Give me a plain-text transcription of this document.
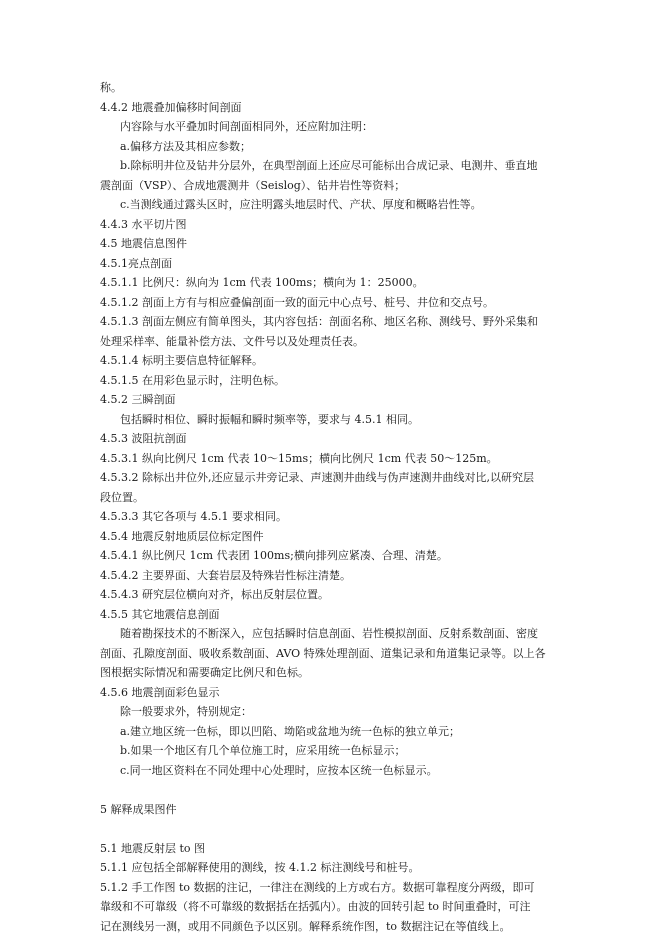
称。
4.4.2 地震叠加偏移时间剖面
内容除与水平叠加时间剖面相同外，还应附加注明：
a.偏移方法及其相应参数；
b.除标明井位及钻井分层外，在典型剖面上还应尽可能标出合成记录、电测井、垂直地
震剖面（VSP）、合成地震测井（Seislog）、钻井岩性等资料；
c.当测线通过露头区时，应注明露头地层时代、产状、厚度和概略岩性等。
4.4.3 水平切片图
4.5 地震信息图件
4.5.1亮点剖面
4.5.1.1 比例尺：纵向为 1cm 代表 100ms；横向为 1：25000。
4.5.1.2 剖面上方有与相应叠偏剖面一致的面元中心点号、桩号、井位和交点号。
4.5.1.3 剖面左侧应有简单图头，其内容包括：剖面名称、地区名称、测线号、野外采集和
处理采样率、能量补偿方法、文件号以及处理责任表。
4.5.1.4 标明主要信息特征解释。
4.5.1.5 在用彩色显示时，注明色标。
4.5.2 三瞬剖面
包括瞬时相位、瞬时振幅和瞬时频率等，要求与 4.5.1 相同。
4.5.3 波阻抗剖面
4.5.3.1 纵向比例尺 1cm 代表 10～15ms；横向比例尺 1cm 代表 50～125m。
4.5.3.2 除标出井位外,还应显示井旁记录、声速测井曲线与伪声速测井曲线对比,以研究层
段位置。
4.5.3.3 其它各项与 4.5.1 要求相同。
4.5.4 地震反射地质层位标定图件
4.5.4.1 纵比例尺 1cm 代表团 100ms;横向排列应紧凑、合理、清楚。
4.5.4.2 主要界面、大套岩层及特殊岩性标注清楚。
4.5.4.3 研究层位横向对齐，标出反射层位置。
4.5.5 其它地震信息剖面
随着勘探技术的不断深入，应包括瞬时信息剖面、岩性模拟剖面、反射系数剖面、密度
剖面、孔隙度剖面、吸收系数剖面、AVO 特殊处理剖面、道集记录和角道集记录等。以上各
图根据实际情况和需要确定比例尺和色标。
4.5.6 地震剖面彩色显示
除一般要求外，特别规定：
a.建立地区统一色标，即以凹陷、坳陷或盆地为统一色标的独立单元；
b.如果一个地区有几个单位施工时，应采用统一色标显示；
c.同一地区资料在不同处理中心处理时，应按本区统一色标显示。
5 解释成果图件
5.1 地震反射层 to 图
5.1.1 应包括全部解释使用的测线，按 4.1.2 标注测线号和桩号。
5.1.2 手工作图 to 数据的注记，一律注在测线的上方或右方。数据可靠程度分两级，即可
靠级和不可靠级（将不可靠级的数据括在括弧内）。由波的回转引起 to 时间重叠时，可注
记在测线另一测，或用不同颜色予以区别。解释系统作图，to 数据注记在等值线上。
